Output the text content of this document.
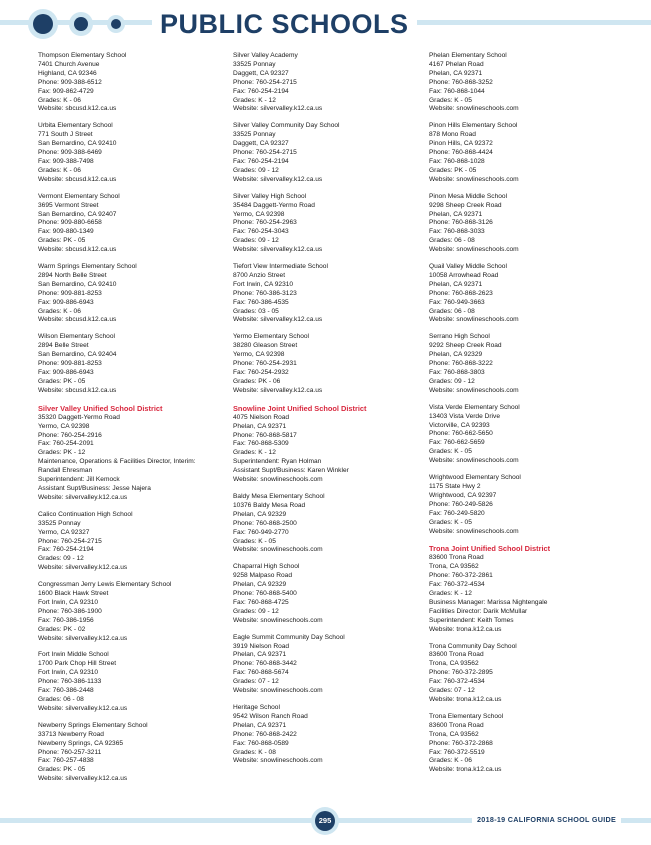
PUBLIC SCHOOLS
Thompson Elementary School
7401 Church Avenue
Highland, CA 92346
Phone: 909-388-6512
Fax: 909-862-4729
Grades: K - 06
Website: sbcusd.k12.ca.us
Urbita Elementary School
771 South J Street
San Bernardino, CA 92410
Phone: 909-388-6469
Fax: 909-388-7498
Grades: K - 06
Website: sbcusd.k12.ca.us
Vermont Elementary School
3695 Vermont Street
San Bernardino, CA 92407
Phone: 909-880-6658
Fax: 909-880-1349
Grades: PK - 05
Website: sbcusd.k12.ca.us
Warm Springs Elementary School
2894 North Belle Street
San Bernardino, CA 92410
Phone: 909-881-8253
Fax: 909-886-6943
Grades: K - 06
Website: sbcusd.k12.ca.us
Wilson Elementary School
2894 Belle Street
San Bernardino, CA 92404
Phone: 909-881-8253
Fax: 909-886-6943
Grades: PK - 05
Website: sbcusd.k12.ca.us
Silver Valley Unified School District
35320 Daggett-Yermo Road
Yermo, CA 92398
Phone: 760-254-2916
Fax: 760-254-2091
Grades: PK - 12
Maintenance, Operations & Facilities Director, Interim:
Randall Ehresman
Superintendent: Jill Kemock
Assistant Supt/Business: Jesse Najera
Website: silvervalley.k12.ca.us
Calico Continuation High School
33525 Ponnay
Yermo, CA 92327
Phone: 760-254-2715
Fax: 760-254-2194
Grades: 09 - 12
Website: silvervalley.k12.ca.us
Congressman Jerry Lewis Elementary School
1600 Black Hawk Street
Fort Irwin, CA 92310
Phone: 760-386-1900
Fax: 760-386-1956
Grades: PK - 02
Website: silvervalley.k12.ca.us
Fort Irwin Middle School
1700 Park Chop Hill Street
Fort Irwin, CA 92310
Phone: 760-386-1133
Fax: 760-386-2448
Grades: 06 - 08
Website: silvervalley.k12.ca.us
Newberry Springs Elementary School
33713 Newberry Road
Newberry Springs, CA 92365
Phone: 760-257-3211
Fax: 760-257-4838
Grades: PK - 05
Website: silvervalley.k12.ca.us
Silver Valley Academy
33525 Ponnay
Daggett, CA 92327
Phone: 760-254-2715
Fax: 760-254-2194
Grades: K - 12
Website: silvervalley.k12.ca.us
Silver Valley Community Day School
33525 Ponnay
Daggett, CA 92327
Phone: 760-254-2715
Fax: 760-254-2194
Grades: 09 - 12
Website: silvervalley.k12.ca.us
Silver Valley High School
35484 Daggett-Yermo Road
Yermo, CA 92398
Phone: 760-254-2963
Fax: 760-254-3043
Grades: 09 - 12
Website: silvervalley.k12.ca.us
Tiefort View Intermediate School
8700 Anzio Street
Fort Irwin, CA 92310
Phone: 760-386-3123
Fax: 760-386-4535
Grades: 03 - 05
Website: silvervalley.k12.ca.us
Yermo Elementary School
38280 Gleason Street
Yermo, CA 92398
Phone: 760-254-2931
Fax: 760-254-2932
Grades: PK - 06
Website: silvervalley.k12.ca.us
Snowline Joint Unified School District
4075 Nielson Road
Phelan, CA 92371
Phone: 760-868-5817
Fax: 760-868-5309
Grades: K - 12
Superintendent: Ryan Holman
Assistant Supt/Business: Karen Winkler
Website: snowlineschools.com
Baldy Mesa Elementary School
10376 Baldy Mesa Road
Phelan, CA 92329
Phone: 760-868-2500
Fax: 760-949-2770
Grades: K - 05
Website: snowlineschools.com
Chaparral High School
9258 Malpaso Road
Phelan, CA 92329
Phone: 760-868-5400
Fax: 760-868-4725
Grades: 09 - 12
Website: snowlineschools.com
Eagle Summit Community Day School
3919 Nielson Road
Phelan, CA 92371
Phone: 760-868-3442
Fax: 760-868-5674
Grades: 07 - 12
Website: snowlineschools.com
Heritage School
9542 Wilson Ranch Road
Phelan, CA 92371
Phone: 760-868-2422
Fax: 760-868-0589
Grades: K - 08
Website: snowlineschools.com
Phelan Elementary School
4167 Phelan Road
Phelan, CA 92371
Phone: 760-868-3252
Fax: 760-868-1044
Grades: K - 05
Website: snowlineschools.com
Pinon Hills Elementary School
878 Mono Road
Pinon Hills, CA 92372
Phone: 760-868-4424
Fax: 760-868-1028
Grades: PK - 05
Website: snowlineschools.com
Pinon Mesa Middle School
9298 Sheep Creek Road
Phelan, CA 92371
Phone: 760-868-3126
Fax: 760-868-3033
Grades: 06 - 08
Website: snowlineschools.com
Quail Valley Middle School
10058 Arrowhead Road
Phelan, CA 92371
Phone: 760-868-2623
Fax: 760-949-3663
Grades: 06 - 08
Website: snowlineschools.com
Serrano High School
9292 Sheep Creek Road
Phelan, CA 92329
Phone: 760-868-3222
Fax: 760-868-3803
Grades: 09 - 12
Website: snowlineschools.com
Vista Verde Elementary School
13403 Vista Verde Drive
Victorville, CA 92393
Phone: 760-662-5650
Fax: 760-662-5659
Grades: K - 05
Website: snowlineschools.com
Wrightwood Elementary School
1175 State Hwy 2
Wrightwood, CA 92397
Phone: 760-249-5826
Fax: 760-249-5820
Grades: K - 05
Website: snowlineschools.com
Trona Joint Unified School District
83600 Trona Road
Trona, CA 93562
Phone: 760-372-2861
Fax: 760-372-4534
Grades: K - 12
Business Manager: Marissa Nightengale
Facilities Director: Darik McMullar
Superintendent: Keith Tomes
Website: trona.k12.ca.us
Trona Community Day School
83600 Trona Road
Trona, CA 93562
Phone: 760-372-2895
Fax: 760-372-4534
Grades: 07 - 12
Website: trona.k12.ca.us
Trona Elementary School
83600 Trona Road
Trona, CA 93562
Phone: 760-372-2868
Fax: 760-372-5519
Grades: K - 06
Website: trona.k12.ca.us
295	2018-19 CALIFORNIA SCHOOL GUIDE
